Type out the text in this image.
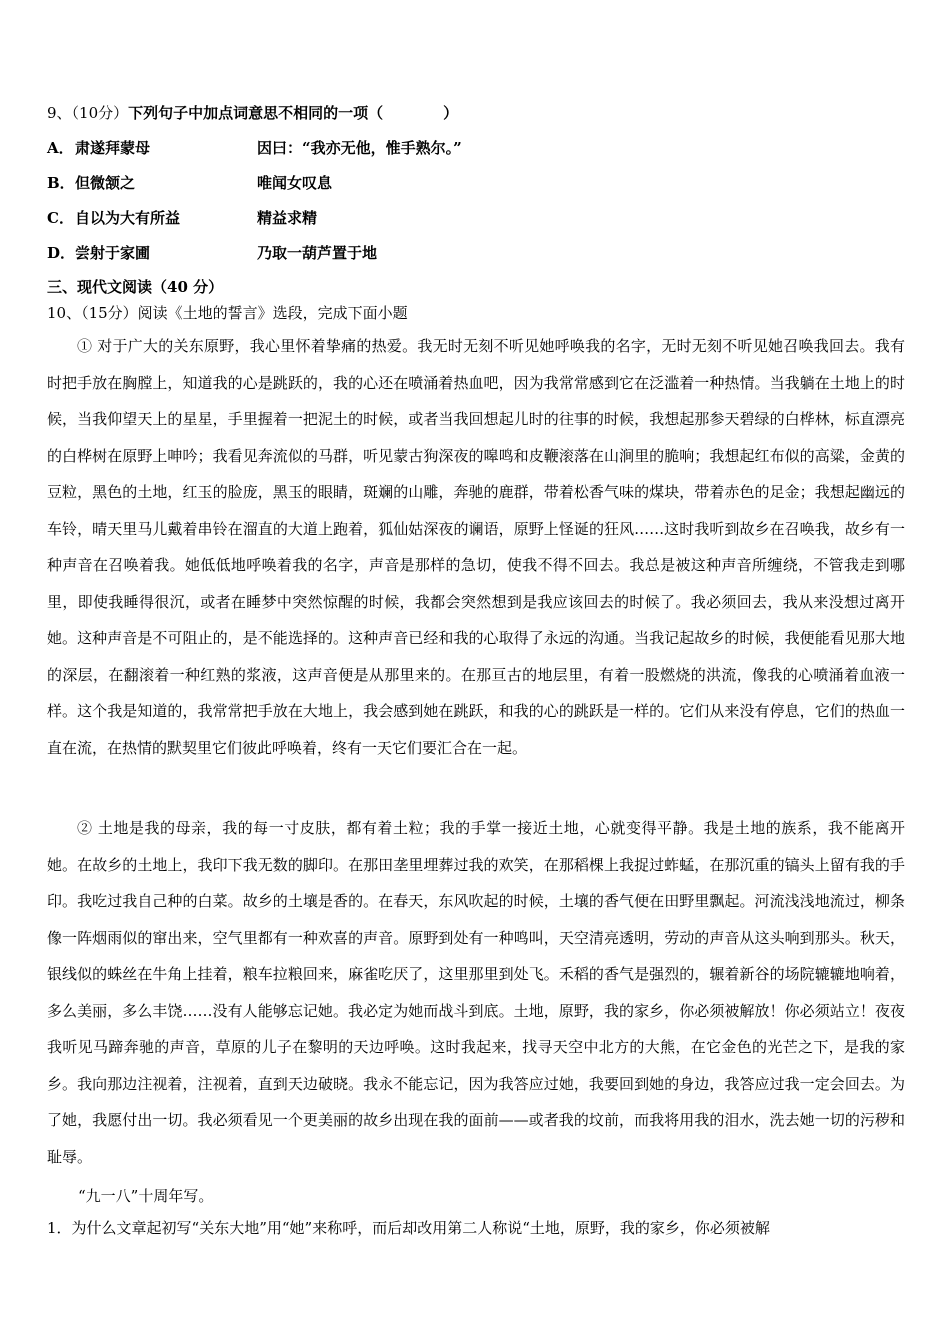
9、（10分）下列句子中加点词意思不相同的一项（　　　　）
A．肃遂拜蒙母	因曰：“我亦无他，惟手熟尔。”
B．但微颔之	唯闻女叹息
C．自以为大有所益	精益求精
D．尝射于家圃	乃取一葫芦置于地
三、现代文阅读（40 分）
10、（15分）阅读《土地的誓言》选段，完成下面小题

① 对于广大的关东原野，我心里怀着挚痛的热爱。我无时无刻不听见她呼唤我的名字，无时无刻不听见她召唤我回去。我有时把手放在胸膛上，知道我的心是跳跃的，我的心还在喷涌着热血吧，因为我常常感到它在泛滥着一种热情。当我躺在土地上的时候，当我仰望天上的星星，手里握着一把泥土的时候，或者当我回想起儿时的往事的时候，我想起那参天碧绿的白桦林，标直漂亮的白桦树在原野上呻吟；我看见奔流似的马群，听见蒙古狗深夜的嗥鸣和皮鞭滚落在山涧里的脆响；我想起红布似的高粱，金黄的豆粒，黑色的土地，红玉的脸庞，黑玉的眼睛，斑斓的山雕，奔驰的鹿群，带着松香气味的煤块，带着赤色的足金；我想起幽远的车铃，晴天里马儿戴着串铃在溜直的大道上跑着，狐仙姑深夜的谰语，原野上怪诞的狂风……这时我听到故乡在召唤我，故乡有一种声音在召唤着我。她低低地呼唤着我的名字，声音是那样的急切，使我不得不回去。我总是被这种声音所缠绕，不管我走到哪里，即使我睡得很沉，或者在睡梦中突然惊醒的时候，我都会突然想到是我应该回去的时候了。我必须回去，我从来没想过离开她。这种声音是不可阻止的，是不能选择的。这种声音已经和我的心取得了永远的沟通。当我记起故乡的时候，我便能看见那大地的深层，在翻滚着一种红熟的浆液，这声音便是从那里来的。在那亘古的地层里，有着一股燃烧的洪流，像我的心喷涌着血液一样。这个我是知道的，我常常把手放在大地上，我会感到她在跳跃，和我的心的跳跃是一样的。它们从来没有停息，它们的热血一直在流，在热情的默契里它们彼此呼唤着，终有一天它们要汇合在一起。

② 土地是我的母亲，我的每一寸皮肤，都有着土粒；我的手掌一接近土地，心就变得平静。我是土地的族系，我不能离开她。在故乡的土地上，我印下我无数的脚印。在那田垄里埋葬过我的欢笑，在那稻棵上我捉过蚱蜢，在那沉重的镐头上留有我的手印。我吃过我自己种的白菜。故乡的土壤是香的。在春天，东风吹起的时候，土壤的香气便在田野里飘起。河流浅浅地流过，柳条像一阵烟雨似的窜出来，空气里都有一种欢喜的声音。原野到处有一种鸣叫，天空清亮透明，劳动的声音从这头响到那头。秋天，银线似的蛛丝在牛角上挂着，粮车拉粮回来，麻雀吃厌了，这里那里到处飞。禾稻的香气是强烈的，辗着新谷的场院辘辘地响着，多么美丽，多么丰饶……没有人能够忘记她。我必定为她而战斗到底。土地，原野，我的家乡，你必须被解放！你必须站立！夜夜我听见马蹄奔驰的声音，草原的儿子在黎明的天边呼唤。这时我起来，找寻天空中北方的大熊，在它金色的光芒之下，是我的家乡。我向那边注视着，注视着，直到天边破晓。我永不能忘记，因为我答应过她，我要回到她的身边，我答应过我一定会回去。为了她，我愿付出一切。我必须看见一个更美丽的故乡出现在我的面前——或者我的坟前，而我将用我的泪水，洗去她一切的污秽和耻辱。

“九一八”十周年写。
1．为什么文章起初写“关东大地”用“她”来称呼，而后却改用第二人称说“土地，原野，我的家乡，你必须被解
